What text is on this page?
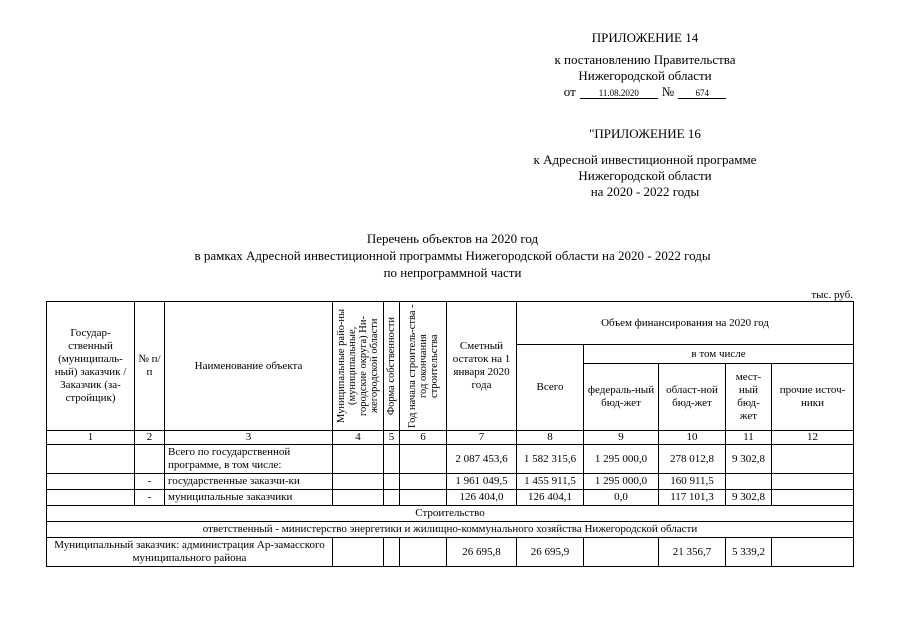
ПРИЛОЖЕНИЕ 14
к постановлению Правительства
Нижегородской области
от	11.08.2020	№	674
"ПРИЛОЖЕНИЕ 16
к Адресной инвестиционной программе
Нижегородской области
на 2020 - 2022 годы
Перечень объектов на 2020 год
в рамках Адресной инвестиционной программы Нижегородской области на 2020 - 2022 годы
по непрограммной части
тыс. руб.
Государ-ственный (муниципаль-ный) заказчик / Заказчик (за-стройщик)	№ п/п	Наименование объекта	Муниципальные райо-ны (муниципальные, городские округа) Ни-жегородской области	Форма собственности	Год начала строитель-ства - год окончания строительства	Сметный остаток на 1 января 2020 года	Объем финансирования на 2020 год				
							Всего	в том числе			
								федераль-ный бюд-жет	област-ной бюд-жет	мест-ный бюд-жет	прочие источ-ники
1	2	3	4	5	6	7	8	9	10	11	12
		Всего по государственной программе, в том числе:				2 087 453,6	1 582 315,6	1 295 000,0	278 012,8	9 302,8	
	-	государственные заказчи-ки				1 961 049,5	1 455 911,5	1 295 000,0	160 911,5		
	-	муниципальные заказчики				126 404,0	126 404,1	0,0	117 101,3	9 302,8	
Строительство											
ответственный - министерство энергетики и жилищно-коммунального хозяйства Нижегородской области											
Муниципальный заказчик: администрация Ар-замасского муниципального района						26 695,8	26 695,9		21 356,7	5 339,2	
